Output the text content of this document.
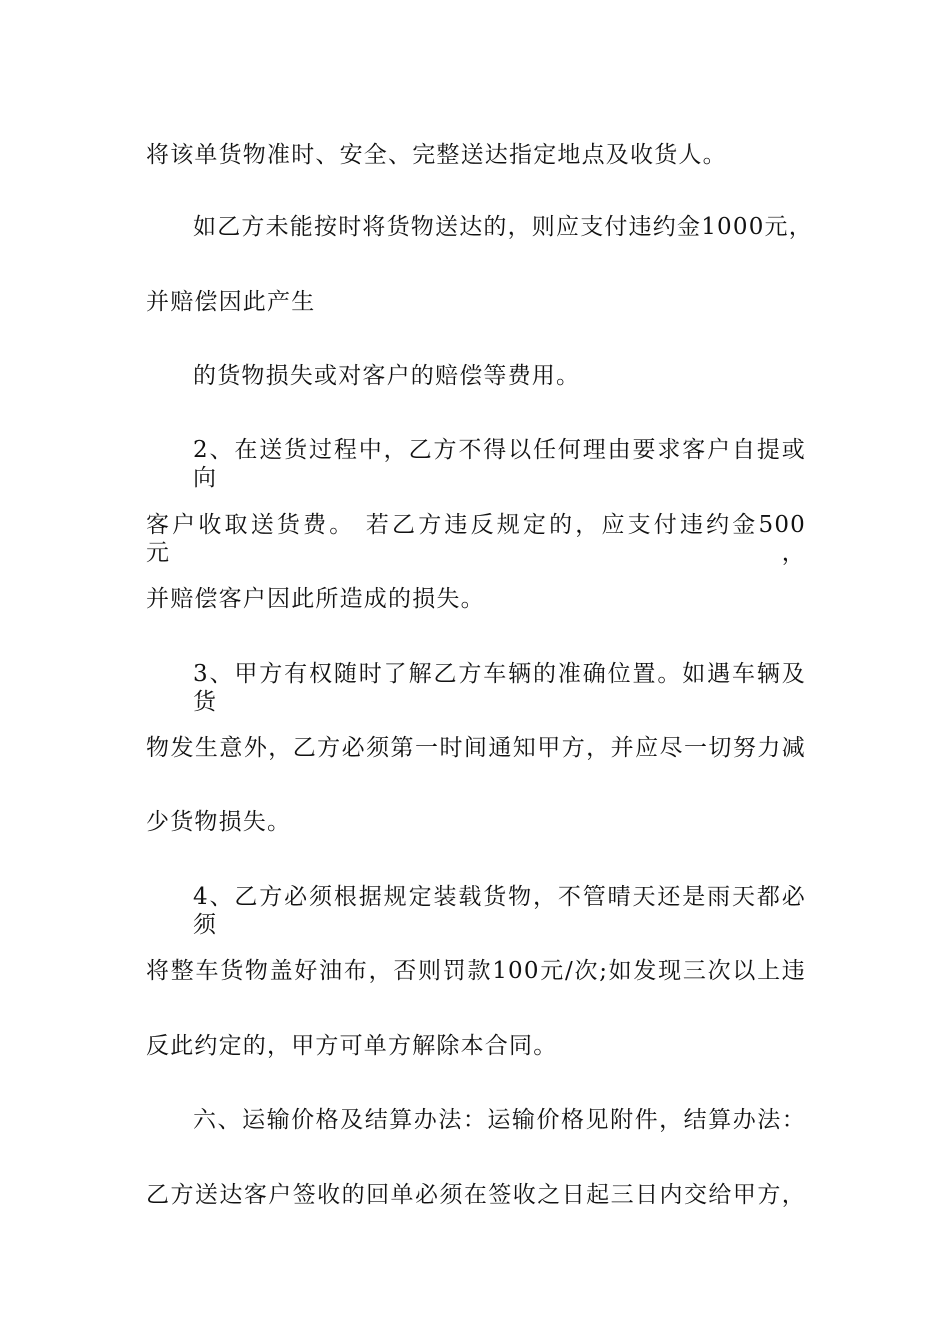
将该单货物准时、安全、完整送达指定地点及收货人。
如乙方未能按时将货物送达的，则应支付违约金1000元，
并赔偿因此产生
的货物损失或对客户的赔偿等费用。
2、在送货过程中，乙方不得以任何理由要求客户自提或向
客户收取送货费。 若乙方违反规定的，应支付违约金500元，
并赔偿客户因此所造成的损失。
3、甲方有权随时了解乙方车辆的准确位置。如遇车辆及货
物发生意外，乙方必须第一时间通知甲方，并应尽一切努力减
少货物损失。
4、乙方必须根据规定装载货物，不管晴天还是雨天都必须
将整车货物盖好油布，否则罚款100元/次;如发现三次以上违
反此约定的，甲方可单方解除本合同。
六、运输价格及结算办法：运输价格见附件，结算办法：
乙方送达客户签收的回单必须在签收之日起三日内交给甲方，
